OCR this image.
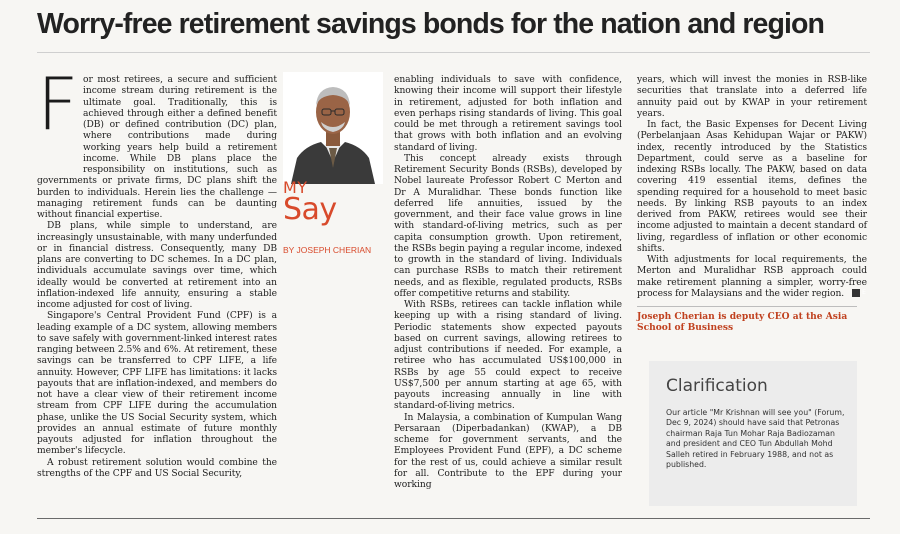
Worry-free retirement savings bonds for the nation and region
F or most retirees, a secure and sufficient income stream during retirement is the ultimate goal. Traditionally, this is achieved through either a defined benefit (DB) or defined contribution (DC) plan, where contributions made during working years help build a retirement income. While DB plans place the responsibility on institutions, such as governments or private firms, DC plans shift the burden to individuals. Herein lies the challenge — managing retirement funds can be daunting without financial expertise.

DB plans, while simple to understand, are increasingly unsustainable, with many underfunded or in financial distress. Consequently, many DB plans are converting to DC schemes. In a DC plan, individuals accumulate savings over time, which ideally would be converted at retirement into an inflation-indexed life annuity, ensuring a stable income adjusted for cost of living.

Singapore's Central Provident Fund (CPF) is a leading example of a DC system, allowing members to save safely with government-linked interest rates ranging between 2.5% and 6%. At retirement, these savings can be transferred to CPF LIFE, a life annuity. However, CPF LIFE has limitations: it lacks payouts that are inflation-indexed, and members do not have a clear view of their retirement income stream from CPF LIFE during the accumulation phase, unlike the US Social Security system, which provides an annual estimate of future monthly payouts adjusted for inflation throughout the member's lifecycle.

A robust retirement solution would combine the strengths of the CPF and US Social Security,

MY
Say
BY JOSEPH CHERIAN

enabling individuals to save with confidence, knowing their income will support their lifestyle in retirement, adjusted for both inflation and even perhaps rising standards of living. This goal could be met through a retirement savings tool that grows with both inflation and an evolving standard of living.

This concept already exists through Retirement Security Bonds (RSBs), developed by Nobel laureate Professor Robert C Merton and Dr A Muralidhar. These bonds function like deferred life annuities, issued by the government, and their face value grows in line with standard-of-living metrics, such as per capita consumption growth. Upon retirement, the RSBs begin paying a regular income, indexed to growth in the standard of living. Individuals can purchase RSBs to match their retirement needs, and as flexible, regulated products, RSBs offer competitive returns and stability.

With RSBs, retirees can tackle inflation while keeping up with a rising standard of living. Periodic statements show expected payouts based on current savings, allowing retirees to adjust contributions if needed. For example, a retiree who has accumulated US$100,000 in RSBs by age 55 could expect to receive US$7,500 per annum starting at age 65, with payouts increasing annually in line with standard-of-living metrics.

In Malaysia, a combination of Kumpulan Wang Persaraan (Diperbadankan) (KWAP), a DB scheme for government servants, and the Employees Provident Fund (EPF), a DC scheme for the rest of us, could achieve a similar result for all. Contribute to the EPF during your working

years, which will invest the monies in RSB-like securities that translate into a deferred life annuity paid out by KWAP in your retirement years.

In fact, the Basic Expenses for Decent Living (Perbelanjaan Asas Kehidupan Wajar or PAKW) index, recently introduced by the Statistics Department, could serve as a baseline for indexing RSBs locally. The PAKW, based on data covering 419 essential items, defines the spending required for a household to meet basic needs. By linking RSB payouts to an index derived from PAKW, retirees would see their income adjusted to maintain a decent standard of living, regardless of inflation or other economic shifts.

With adjustments for local requirements, the Merton and Muralidhar RSB approach could make retirement planning a simpler, worry-free process for Malaysians and the wider region.	E

Joseph Cherian is deputy CEO at the Asia School of Business
Clarification
Our article "Mr Krishnan will see you" (Forum, Dec 9, 2024) should have said that Petronas chairman Raja Tun Mohar Raja Badiozaman and president and CEO Tun Abdullah Mohd Salleh retired in February 1988, and not as published.
